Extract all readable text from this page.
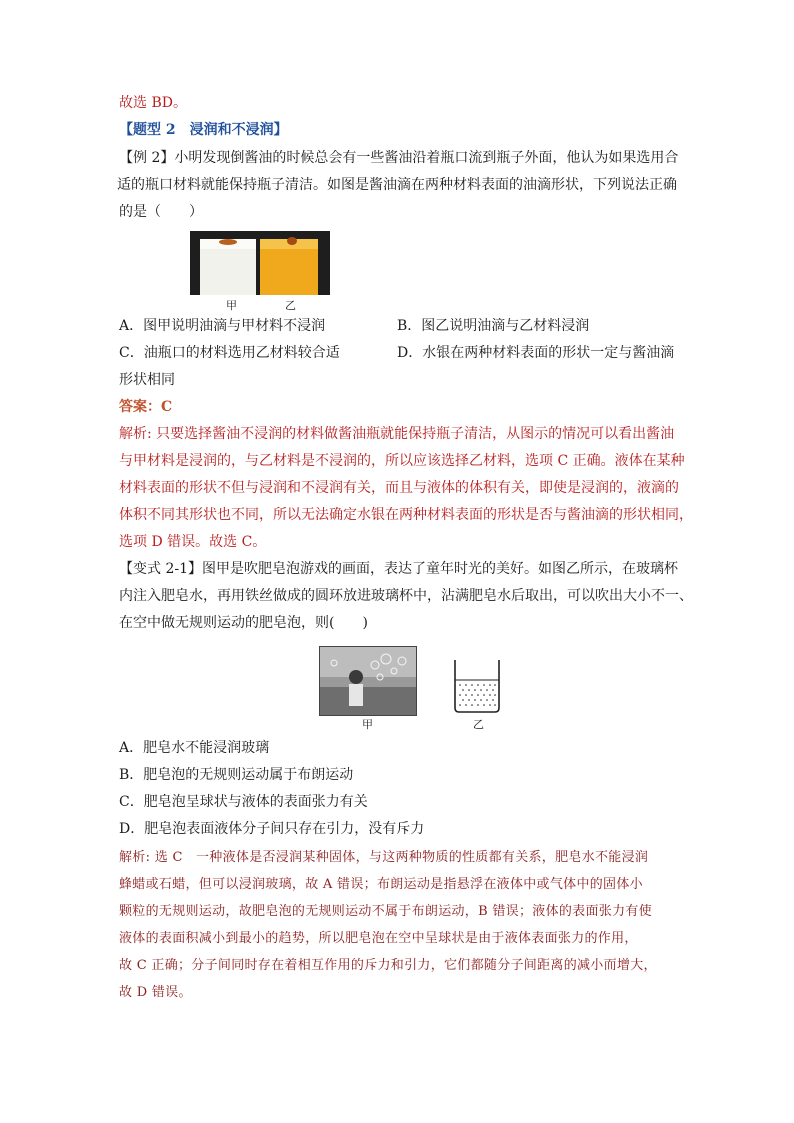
故选 BD。

【题型 2　浸润和不浸润】

【例 2】小明发现倒酱油的时候总会有一些酱油沿着瓶口流到瓶子外面，他认为如果选用合

适的瓶口材料就能保持瓶子清洁。如图是酱油滴在两种材料表面的油滴形状，下列说法正确

的是（　　）

甲	乙

A．图甲说明油滴与甲材料不浸润	B．图乙说明油滴与乙材料浸润

C．油瓶口的材料选用乙材料较合适	D．水银在两种材料表面的形状一定与酱油滴

形状相同

答案：C

解析: 只要选择酱油不浸润的材料做酱油瓶就能保持瓶子清洁，从图示的情况可以看出酱油

与甲材料是浸润的，与乙材料是不浸润的，所以应该选择乙材料，选项 C 正确。液体在某种

材料表面的形状不但与浸润和不浸润有关，而且与液体的体积有关，即使是浸润的，液滴的

体积不同其形状也不同，所以无法确定水银在两种材料表面的形状是否与酱油滴的形状相同，

选项 D 错误。故选 C。

【变式 2-1】图甲是吹肥皂泡游戏的画面，表达了童年时光的美好。如图乙所示，在玻璃杯

内注入肥皂水，再用铁丝做成的圆环放进玻璃杯中，沾满肥皂水后取出，可以吹出大小不一、

在空中做无规则运动的肥皂泡，则(　　)

甲	乙

A．肥皂水不能浸润玻璃

B．肥皂泡的无规则运动属于布朗运动

C．肥皂泡呈球状与液体的表面张力有关

D．肥皂泡表面液体分子间只存在引力，没有斥力

解析: 选 C　一种液体是否浸润某种固体，与这两种物质的性质都有关系，肥皂水不能浸润

蜂蜡或石蜡，但可以浸润玻璃，故 A 错误；布朗运动是指悬浮在液体中或气体中的固体小

颗粒的无规则运动，故肥皂泡的无规则运动不属于布朗运动，B 错误；液体的表面张力有使

液体的表面积减小到最小的趋势，所以肥皂泡在空中呈球状是由于液体表面张力的作用，

故 C 正确；分子间同时存在着相互作用的斥力和引力，它们都随分子间距离的减小而增大，

故 D 错误。
